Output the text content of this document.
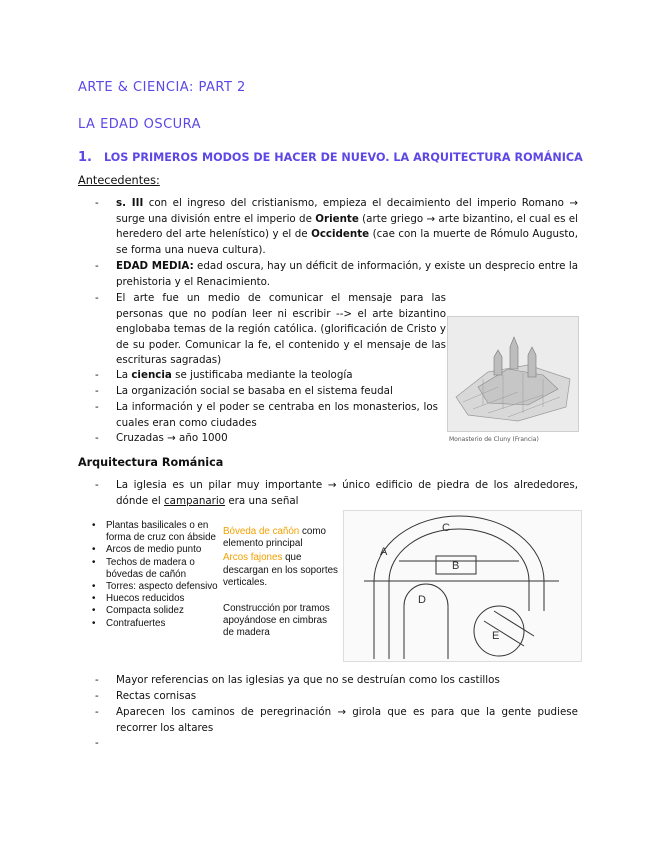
ARTE & CIENCIA: PART 2
LA EDAD OSCURA
1. LOS PRIMEROS MODOS DE HACER DE NUEVO. LA ARQUITECTURA ROMÁNICA
Antecedentes:
-	s. III con el ingreso del cristianismo, empieza el decaimiento del imperio Romano → surge una división entre el imperio de Oriente (arte griego → arte bizantino, el cual es el heredero del arte helenístico) y el de Occidente (cae con la muerte de Rómulo Augusto, se forma una nueva cultura).
-	EDAD MEDIA: edad oscura, hay un déficit de información, y existe un desprecio entre la prehistoria y el Renacimiento.
-	El arte fue un medio de comunicar el mensaje para las personas que no podían leer ni escribir --> el arte bizantino englobaba temas de la región católica. (glorificación de Cristo y de su poder. Comunicar la fe, el contenido y el mensaje de las escrituras sagradas)
-	La ciencia se justificaba mediante la teología
-	La organización social se basaba en el sistema feudal
-	La información y el poder se centraba en los monasterios, los cuales eran como ciudades
-	Cruzadas → año 1000	Monasterio de Cluny (Francia)
Arquitectura Románica
-	La iglesia es un pilar muy importante → único edificio de piedra de los alrededores, dónde el campanario era una señal
• Plantas basilicales o en forma de cruz con ábside
• Arcos de medio punto
• Techos de madera o bóvedas de cañón
• Torres: aspecto defensivo
• Huecos reducidos
• Compacta solidez
• Contrafuertes
Bóveda de cañón como elemento principal
Arcos fajones que descargan en los soportes verticales.
Construcción por tramos apoyándose en cimbras de madera
A
B
C
D
E
-	Mayor referencias on las iglesias ya que no se destruían como los castillos
-	Rectas cornisas
-	Aparecen los caminos de peregrinación → girola que es para que la gente pudiese recorrer los altares
-
